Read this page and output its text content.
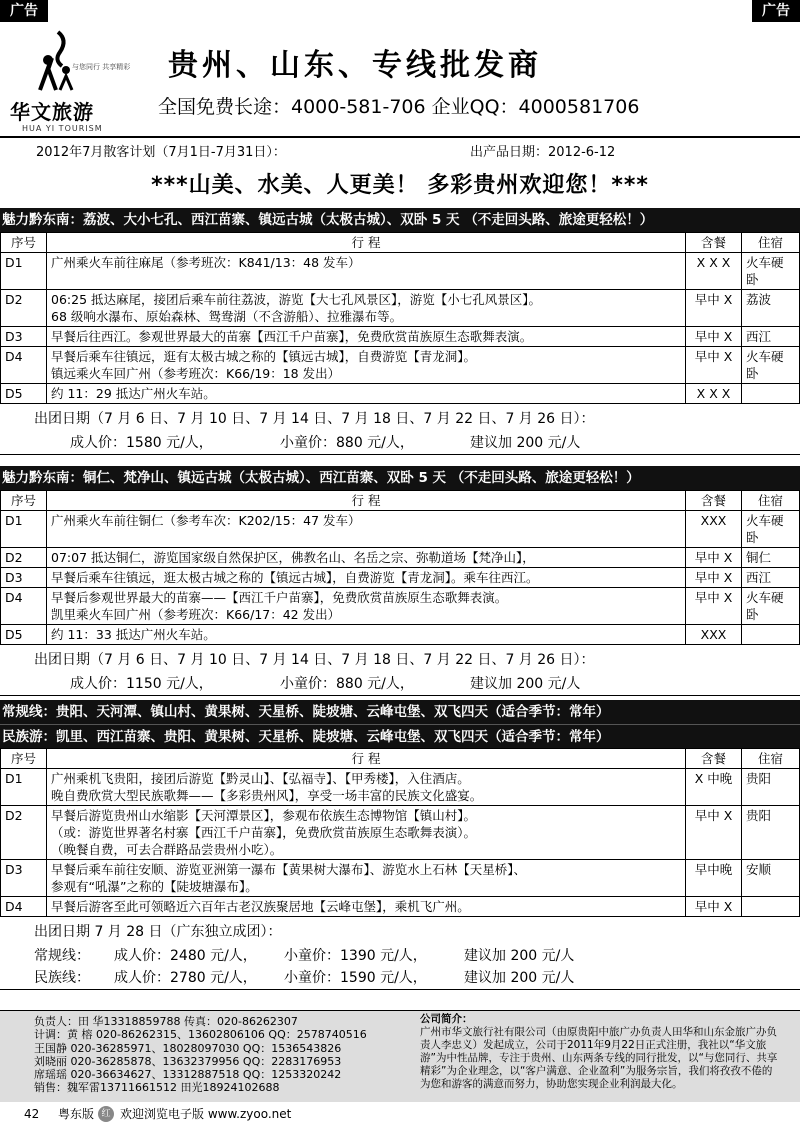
广告	广告
与您同行 共享精彩
华文旅游
HUA YI TOURISM
贵州、山东、专线批发商
全国免费长途：4000-581-706 企业QQ：4000581706
2012年7月散客计划（7月1日-7月31日）：	出产品日期：2012-6-12
***山美、水美、人更美！ 多彩贵州欢迎您！***
魅力黔东南：荔波、大小七孔、西江苗寨、镇远古城（太极古城）、双卧 5 天 （不走回头路、旅途更轻松！）
序号	行 程	含餐	住宿
D1	广州乘火车前往麻尾（参考班次：K841/13：48 发车）	X X X	火车硬卧
D2	06:25 抵达麻尾，接团后乘车前往荔波，游览【大七孔风景区】，游览【小七孔风景区】。
68 级响水瀑布、原始森林、鸳鸯湖（不含游船）、拉雅瀑布等。	早中 X	荔波
D3	早餐后往西江。参观世界最大的苗寨【西江千户苗寨】，免费欣赏苗族原生态歌舞表演。	早中 X	西江
D4	早餐后乘车往镇远，逛有太极古城之称的【镇远古城】，自费游览【青龙洞】。
镇远乘火车回广州（参考班次：K66/19：18 发出）	早中 X	火车硬卧
D5	约 11：29 抵达广州火车站。	X X X	
出团日期（7 月 6 日、7 月 10 日、7 月 14 日、7 月 18 日、7 月 22 日、7 月 26 日）：
成人价：1580 元/人，	小童价：880 元/人，	建议加 200 元/人
魅力黔东南：铜仁、梵净山、镇远古城（太极古城）、西江苗寨、双卧 5 天 （不走回头路、旅途更轻松！）
序号	行 程	含餐	住宿
D1	广州乘火车前往铜仁（参考车次：K202/15：47 发车）	XXX	火车硬卧
D2	07:07 抵达铜仁，游览国家级自然保护区，佛教名山、名岳之宗、弥勒道场【梵净山】，	早中 X	铜仁
D3	早餐后乘车往镇远，逛太极古城之称的【镇远古城】，自费游览【青龙洞】。乘车往西江。	早中 X	西江
D4	早餐后参观世界最大的苗寨——【西江千户苗寨】，免费欣赏苗族原生态歌舞表演。
凯里乘火车回广州（参考班次：K66/17：42 发出）	早中 X	火车硬卧
D5	约 11：33 抵达广州火车站。	XXX	
出团日期（7 月 6 日、7 月 10 日、7 月 14 日、7 月 18 日、7 月 22 日、7 月 26 日）：
成人价：1150 元/人，	小童价：880 元/人，	建议加 200 元/人
常规线：贵阳、天河潭、镇山村、黄果树、天星桥、陡坡塘、云峰屯堡、双飞四天（适合季节：常年）
民族游：凯里、西江苗寨、贵阳、黄果树、天星桥、陡坡塘、云峰屯堡、双飞四天（适合季节：常年）
序号	行 程	含餐	住宿
D1	广州乘机飞贵阳，接团后游览【黔灵山】、【弘福寺】、【甲秀楼】，入住酒店。
晚自费欣赏大型民族歌舞——【多彩贵州风】，享受一场丰富的民族文化盛宴。	X 中晚	贵阳
D2	早餐后游览贵州山水缩影【天河潭景区】，参观布依族生态博物馆【镇山村】。
（或：游览世界著名村寨【西江千户苗寨】，免费欣赏苗族原生态歌舞表演）。
（晚餐自费，可去合群路品尝贵州小吃）。	早中 X	贵阳
D3	早餐后乘车前往安顺、游览亚洲第一瀑布【黄果树大瀑布】、游览水上石林【天星桥】、
参观有“吼瀑”之称的【陡坡塘瀑布】。	早中晚	安顺
D4	早餐后游客至此可领略近六百年古老汉族聚居地【云峰屯堡】，乘机飞广州。	早中 X	
出团日期 7 月 28 日（广东独立成团）：
常规线： 成人价：2480 元/人， 小童价：1390 元/人，	建议加 200 元/人
民族线： 成人价：2780 元/人， 小童价：1590 元/人，	建议加 200 元/人
负责人：田 华13318859788 传真：020-86262307
计调：黄 榕 020-86262315、13602806106 QQ：2578740516
王国静 020-36285971、18028097030 QQ：1536543826
刘晓丽 020-36285878、13632379956 QQ：2283176953
席瑶瑶 020-36634627、13312887518 QQ：1253320242
销售：魏军雷13711661512 田光18924102688
公司简介：
广州市华文旅行社有限公司（由原贵阳中旅广办负责人田华和山东金旅广办负责人李忠义）发起成立，公司于2011年9月22日正式注册，我社以“华文旅游”为中性品牌，专注于贵州、山东两条专线的同行批发，以“与您同行、共享精彩”为企业理念，以“客户满意、企业盈利”为服务宗旨，我们将孜孜不倦的为您和游客的满意而努力，协助您实现企业利润最大化。
42 粤东版 红 欢迎浏览电子版 www.zyoo.net
